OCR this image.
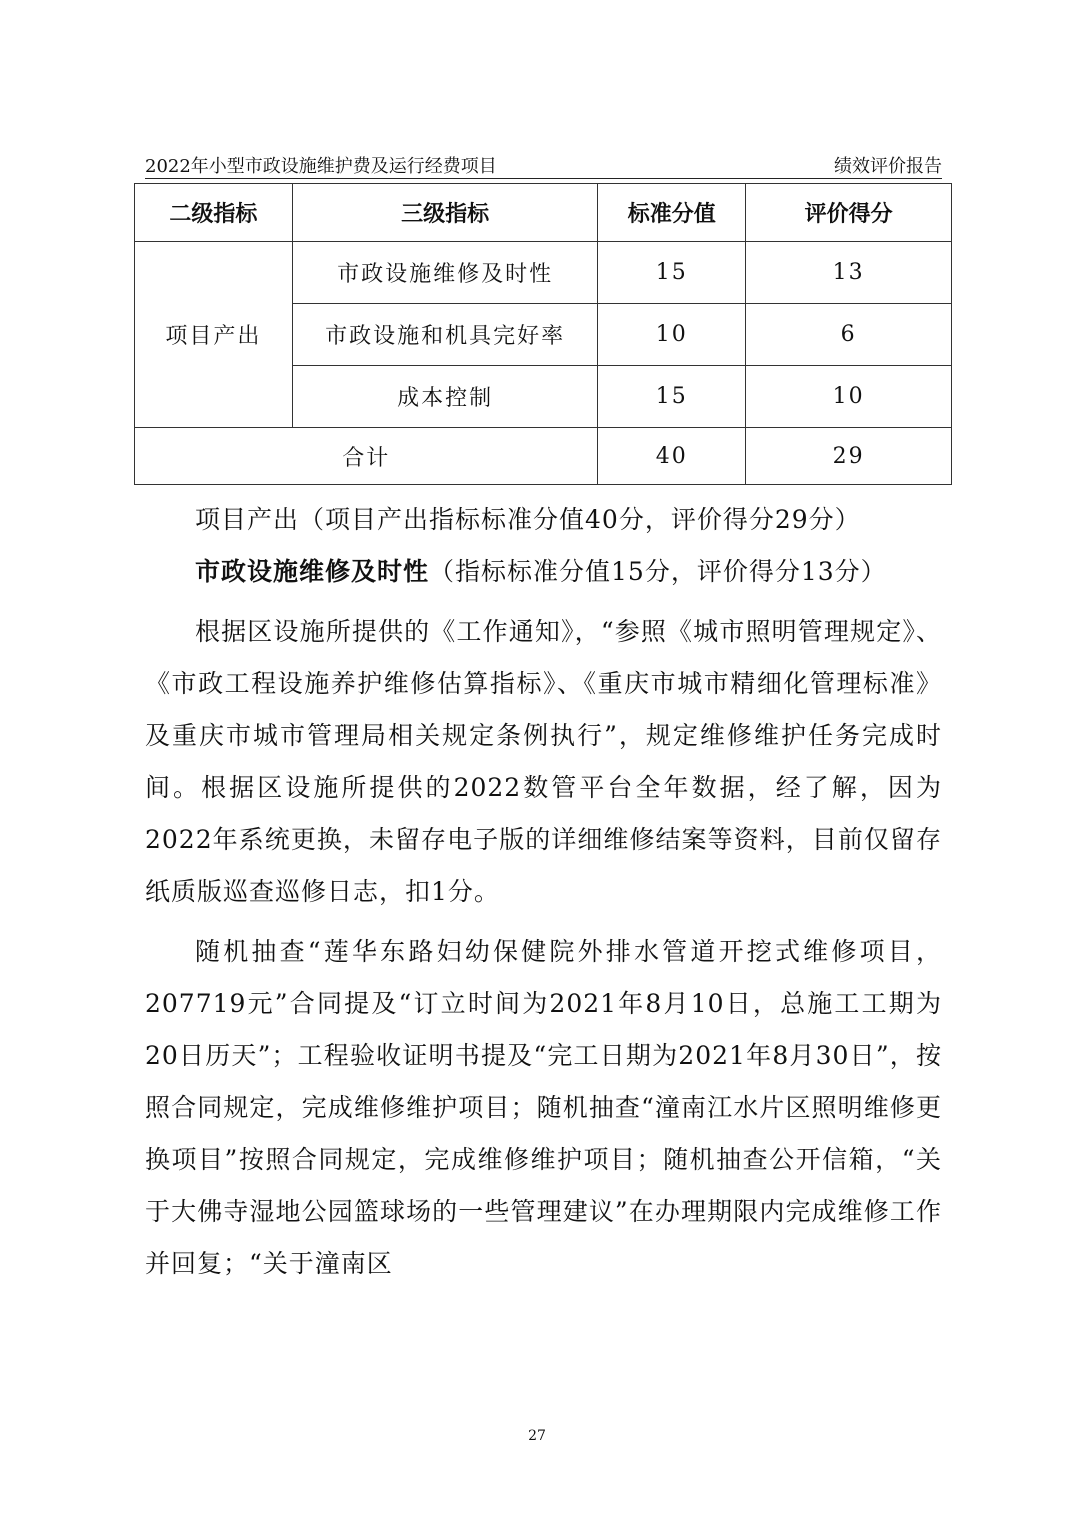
2022年小型市政设施维护费及运行经费项目	绩效评价报告
二级指标	三级指标	标准分值	评价得分
项目产出	市政设施维修及时性	15	13
	市政设施和机具完好率	10	6
	成本控制	15	10
合计		40	29

项目产出（项目产出指标标准分值40分，评价得分29分）

市政设施维修及时性（指标标准分值15分，评价得分13分）

根据区设施所提供的《工作通知》，“参照《城市照明管理规定》、《市政工程设施养护维修估算指标》、《重庆市城市精细化管理标准》及重庆市城市管理局相关规定条例执行”，规定维修维护任务完成时间。根据区设施所提供的2022数管平台全年数据，经了解，因为2022年系统更换，未留存电子版的详细维修结案等资料，目前仅留存纸质版巡查巡修日志，扣1分。

随机抽查“莲华东路妇幼保健院外排水管道开挖式维修项目，207719元”合同提及“订立时间为2021年8月10日，总施工工期为20日历天”；工程验收证明书提及“完工日期为2021年8月30日”，按照合同规定，完成维修维护项目；随机抽查“潼南江水片区照明维修更换项目”按照合同规定，完成维修维护项目；随机抽查公开信箱，“关于大佛寺湿地公园篮球场的一些管理建议”在办理期限内完成维修工作并回复；“关于潼南区

27
